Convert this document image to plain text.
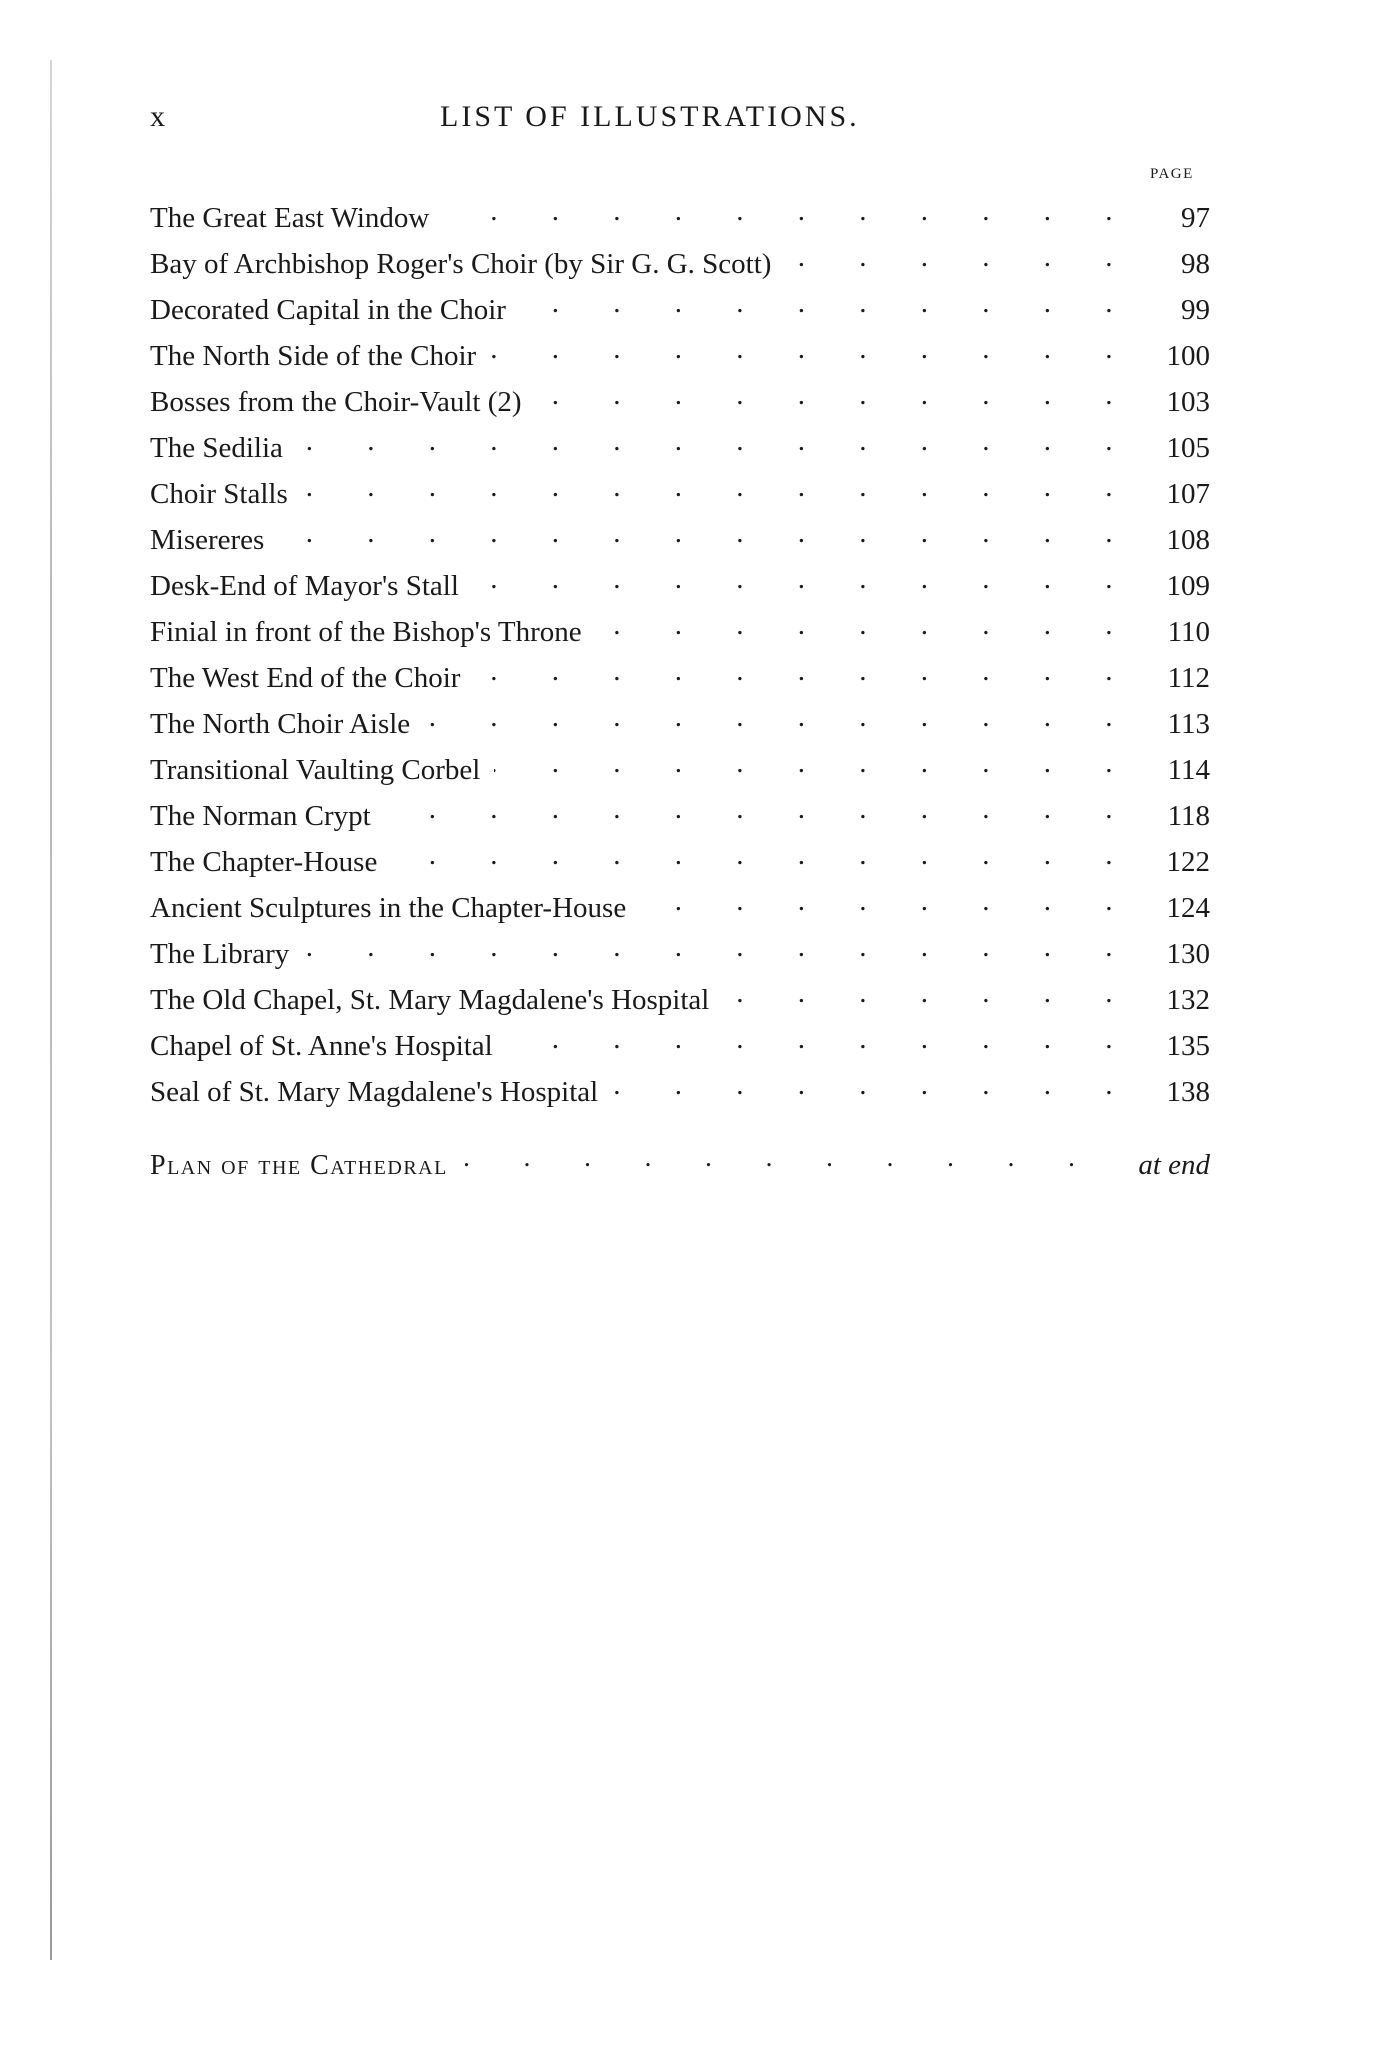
x	LIST OF ILLUSTRATIONS.
PAGE
The Great East Window . . .	97
Bay of Archbishop Roger's Choir (by Sir G. G. Scott) . . .	98
Decorated Capital in the Choir . . .	99
The North Side of the Choir . . .	100
Bosses from the Choir-Vault (2) . . .	103
The Sedilia . . .	105
Choir Stalls . . .	107
Misereres . . .	108
Desk-End of Mayor's Stall . . .	109
Finial in front of the Bishop's Throne . . .	110
The West End of the Choir . . .	112
The North Choir Aisle . . .	113
Transitional Vaulting Corbel . . .	114
The Norman Crypt . . .	118
The Chapter-House . . .	122
Ancient Sculptures in the Chapter-House . . .	124
The Library . . .	130
The Old Chapel, St. Mary Magdalene's Hospital . . .	132
Chapel of St. Anne's Hospital . . .	135
Seal of St. Mary Magdalene's Hospital . . .	138
Plan of the Cathedral . . .	at end
